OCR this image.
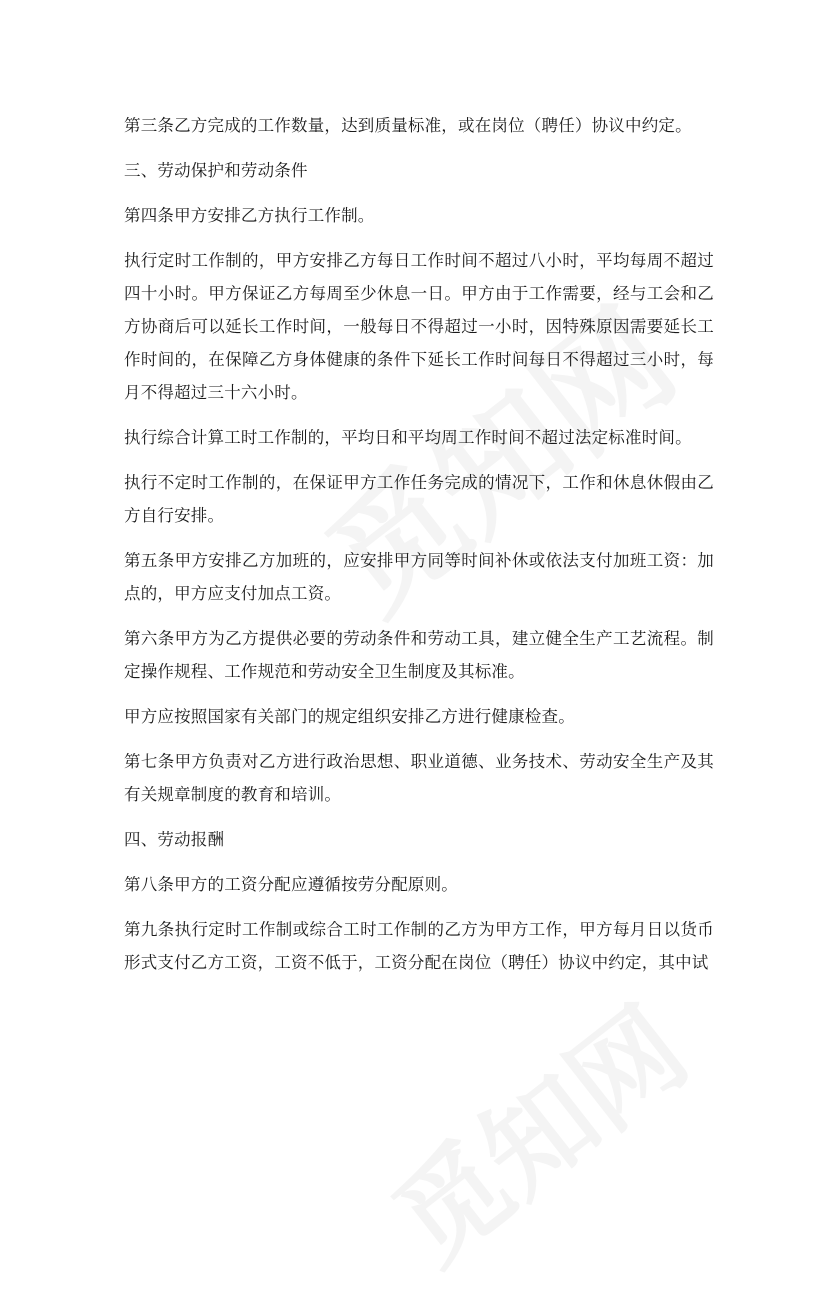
第三条乙方完成的工作数量，达到质量标准，或在岗位（聘任）协议中约定。

三、劳动保护和劳动条件

第四条甲方安排乙方执行工作制。

执行定时工作制的，甲方安排乙方每日工作时间不超过八小时，平均每周不超过四十小时。甲方保证乙方每周至少休息一日。甲方由于工作需要，经与工会和乙方协商后可以延长工作时间，一般每日不得超过一小时，因特殊原因需要延长工作时间的，在保障乙方身体健康的条件下延长工作时间每日不得超过三小时，每月不得超过三十六小时。

执行综合计算工时工作制的，平均日和平均周工作时间不超过法定标准时间。

执行不定时工作制的，在保证甲方工作任务完成的情况下，工作和休息休假由乙方自行安排。

第五条甲方安排乙方加班的，应安排甲方同等时间补休或依法支付加班工资：加点的，甲方应支付加点工资。

第六条甲方为乙方提供必要的劳动条件和劳动工具，建立健全生产工艺流程。制定操作规程、工作规范和劳动安全卫生制度及其标准。

甲方应按照国家有关部门的规定组织安排乙方进行健康检查。

第七条甲方负责对乙方进行政治思想、职业道德、业务技术、劳动安全生产及其有关规章制度的教育和培训。

四、劳动报酬

第八条甲方的工资分配应遵循按劳分配原则。

第九条执行定时工作制或综合工时工作制的乙方为甲方工作，甲方每月日以货币形式支付乙方工资，工资不低于，工资分配在岗位（聘任）协议中约定，其中试
